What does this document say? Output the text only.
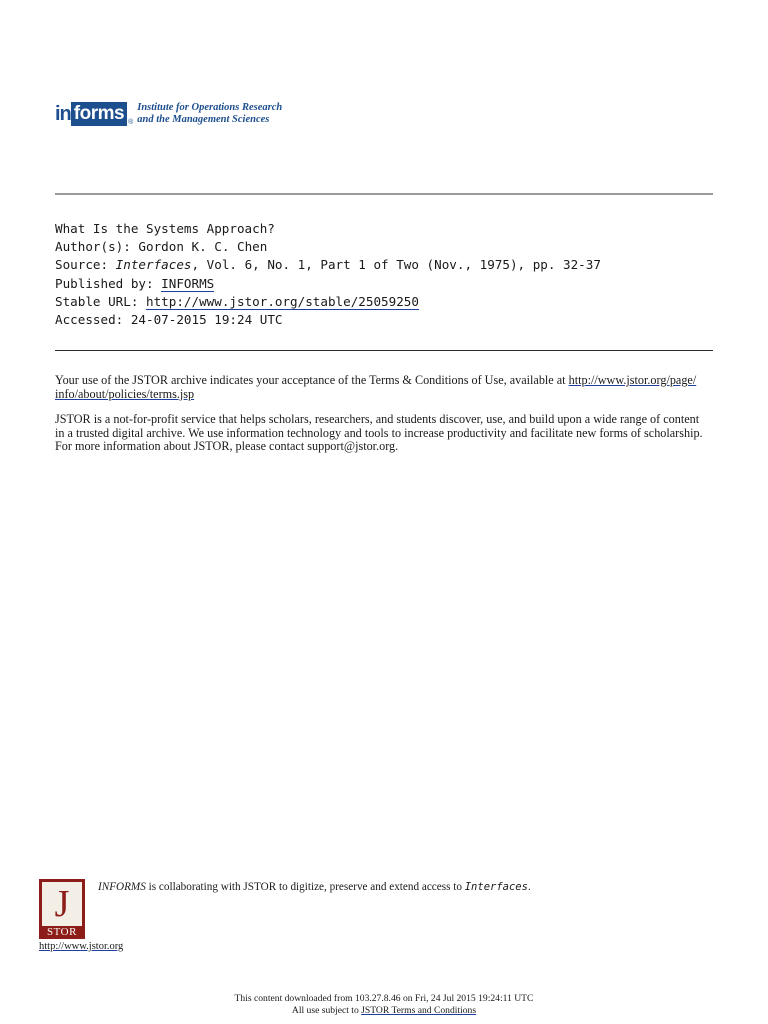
in forms ®
Institute for Operations Research
and the Management Sciences
What Is the Systems Approach?
Author(s): Gordon K. C. Chen
Source: Interfaces, Vol. 6, No. 1, Part 1 of Two (Nov., 1975), pp. 32-37
Published by: INFORMS
Stable URL: http://www.jstor.org/stable/25059250
Accessed: 24-07-2015 19:24 UTC

Your use of the JSTOR archive indicates your acceptance of the Terms & Conditions of Use, available at http://www.jstor.org/page/
info/about/policies/terms.jsp

JSTOR is a not-for-profit service that helps scholars, researchers, and students discover, use, and build upon a wide range of content
in a trusted digital archive. We use information technology and tools to increase productivity and facilitate new forms of scholarship.
For more information about JSTOR, please contact support@jstor.org.

J
STOR
http://www.jstor.org
INFORMS is collaborating with JSTOR to digitize, preserve and extend access to Interfaces.
This content downloaded from 103.27.8.46 on Fri, 24 Jul 2015 19:24:11 UTC
All use subject to JSTOR Terms and Conditions
